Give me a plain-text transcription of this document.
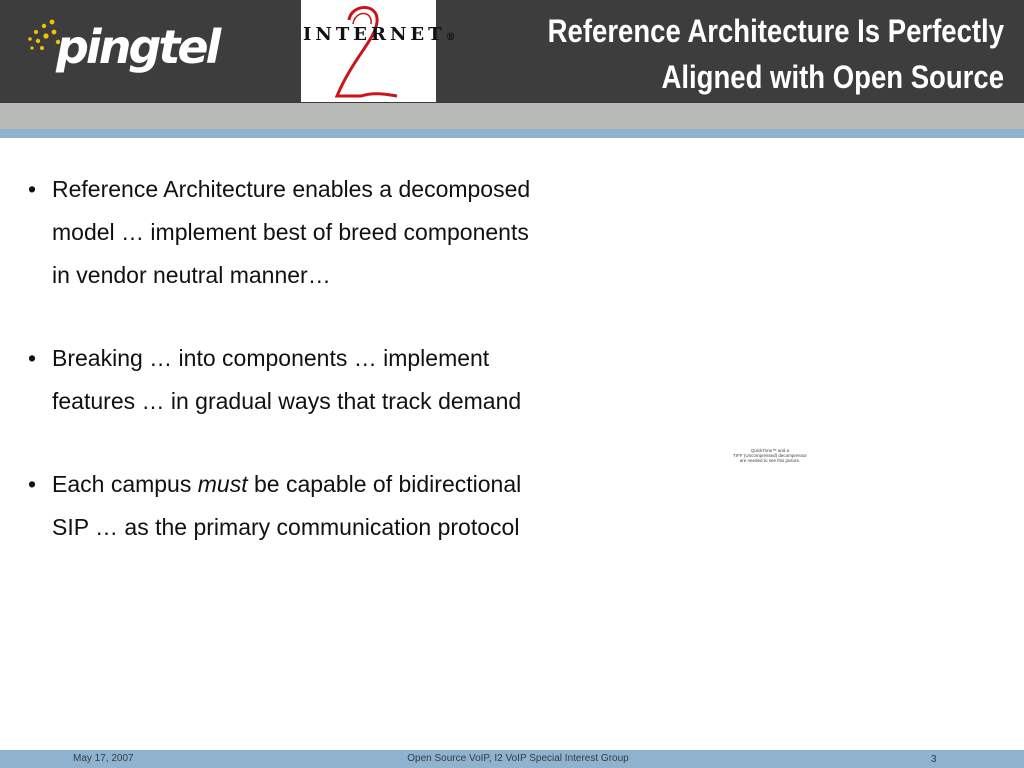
pingtel	INTERNET®	Reference Architecture Is Perfectly
Aligned with Open Source
• Reference Architecture enables a decomposed model … implement best of breed components in vendor neutral manner…
• Breaking … into components … implement features … in gradual ways that track demand
• Each campus must be capable of bidirectional SIP … as the primary communication protocol
QuickTime™ and a
TIFF (Uncompressed) decompressor
are needed to see this picture.
May 17, 2007	Open Source VoIP, I2 VoIP Special Interest Group	3
